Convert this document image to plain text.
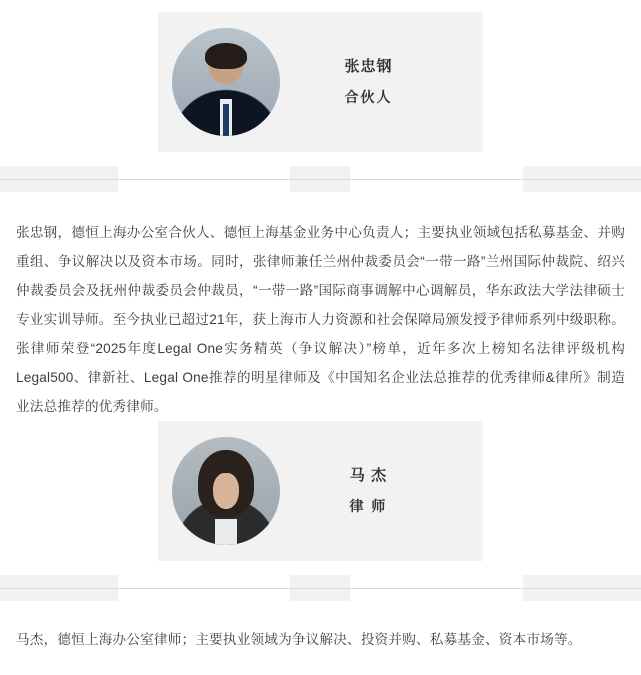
张忠钢
合伙人

张忠钢，德恒上海办公室合伙人、德恒上海基金业务中心负责人；主要执业领域包括私募基金、并购重组、争议解决以及资本市场。同时，张律师兼任兰州仲裁委员会“一带一路”兰州国际仲裁院、绍兴仲裁委员会及抚州仲裁委员会仲裁员，“一带一路”国际商事调解中心调解员，华东政法大学法律硕士专业实训导师。至今执业已超过21年，获上海市人力资源和社会保障局颁发授予律师系列中级职称。张律师荣登“2025年度Legal One实务精英（争议解决）”榜单，近年多次上榜知名法律评级机构Legal500、律新社、Legal One推荐的明星律师及《中国知名企业法总推荐的优秀律师&律所》制造业法总推荐的优秀律师。

马 杰
律 师

马杰，德恒上海办公室律师；主要执业领域为争议解决、投资并购、私募基金、资本市场等。
